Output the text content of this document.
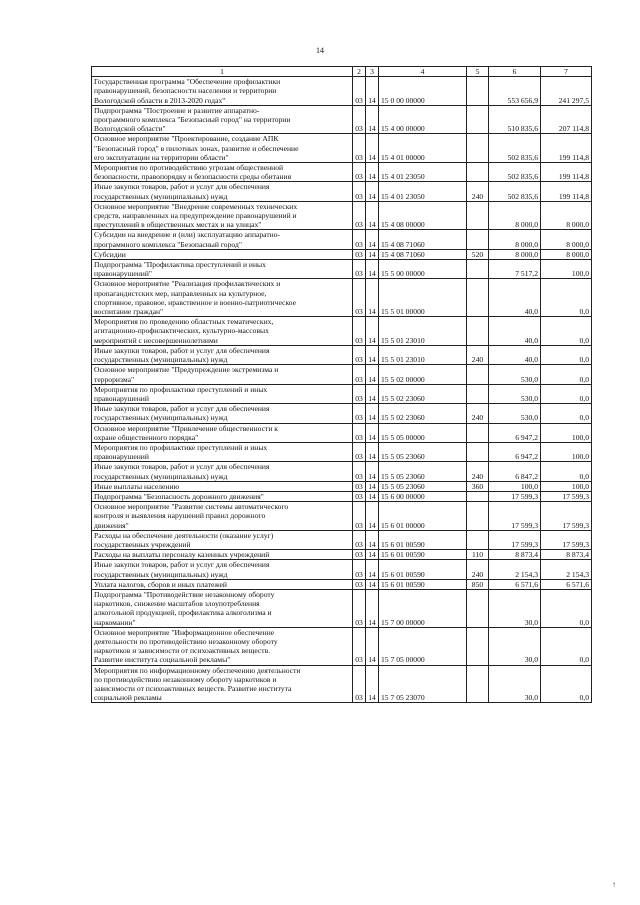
14
1	2	3	4	5	6	7

Государственная программа "Обеспечение профилактики
правонарушений, безопасности населения и территории
Вологодской области в 2013-2020 годах"	03	14	15 0 00 00000		553 656,9	241 297,5

Подпрограмма "Построение и развитие аппаратно-
программного комплекса "Безопасный город" на территории
Вологодской области"	03	14	15 4 00 00000		510 835,6	207 114,8

Основное мероприятие "Проектирование, создание АПК
"Безопасный город" в пилотных зонах, развитие и обеспечение
его эксплуатации на территории области"	03	14	15 4 01 00000		502 835,6	199 114,8

Мероприятия по противодействию угрозам общественной
безопасности, правопорядку и безопасности среды обитания	03	14	15 4 01 23050		502 835,6	199 114,8

Иные закупки товаров, работ и услуг для обеспечения
государственных (муниципальных) нужд	03	14	15 4 01 23050	240	502 835,6	199 114,8

Основное мероприятие "Внедрение современных технических
средств, направленных на предупреждение правонарушений и
преступлений в общественных местах и на улицах"	03	14	15 4 08 00000		8 000,0	8 000,0

Субсидии на внедрение и (или) эксплуатацию аппаратно-
программного комплекса "Безопасный город"	03	14	15 4 08 71060		8 000,0	8 000,0

Субсидии	03	14	15 4 08 71060	520	8 000,0	8 000,0

Подпрограмма "Профилактика преступлений и иных
правонарушений"	03	14	15 5 00 00000		7 517,2	100,0

Основное мероприятие "Реализация профилактических и
пропагандистских мер, направленных на культурное,
спортивное, правовое, нравственное и военно-патриотическое
воспитание граждан"	03	14	15 5 01 00000		40,0	0,0

Мероприятия по проведению областных тематических,
агитационно-профилактических, культурно-массовых
мероприятий с несовершеннолетними	03	14	15 5 01 23010		40,0	0,0

Иные закупки товаров, работ и услуг для обеспечения
государственных (муниципальных) нужд	03	14	15 5 01 23010	240	40,0	0,0

Основное мероприятие "Предупреждение экстремизма и
терроризма"	03	14	15 5 02 00000		530,0	0,0

Мероприятия по профилактике преступлений и иных
правонарушений	03	14	15 5 02 23060		530,0	0,0

Иные закупки товаров, работ и услуг для обеспечения
государственных (муниципальных) нужд	03	14	15 5 02 23060	240	530,0	0,0

Основное мероприятие "Привлечение общественности к
охране общественного порядка"	03	14	15 5 05 00000		6 947,2	100,0

Мероприятия по профилактике преступлений и иных
правонарушений	03	14	15 5 05 23060		6 947,2	100,0

Иные закупки товаров, работ и услуг для обеспечения
государственных (муниципальных) нужд	03	14	15 5 05 23060	240	6 847,2	0,0

Иные выплаты населению	03	14	15 5 05 23060	360	100,0	100,0

Подпрограмма "Безопасность дорожного движения"	03	14	15 6 00 00000		17 599,3	17 599,3

Основное мероприятие "Развитие системы автоматического
контроля и выявления нарушений правил дорожного
движения"	03	14	15 6 01 00000		17 599,3	17 599,3

Расходы на обеспечение деятельности (оказание услуг)
государственных учреждений	03	14	15 6 01 00590		17 599,3	17 599,3

Расходы на выплаты персоналу казенных учреждений	03	14	15 6 01 00590	110	8 873,4	8 873,4

Иные закупки товаров, работ и услуг для обеспечения
государственных (муниципальных) нужд	03	14	15 6 01 00590	240	2 154,3	2 154,3

Уплата налогов, сборов и иных платежей	03	14	15 6 01 00590	850	6 571,6	6 571,6

Подпрограмма "Противодействие незаконному обороту
наркотиков, снижение масштабов злоупотребления
алкогольной продукцией, профилактика алкоголизма и
наркомании"	03	14	15 7 00 00000		30,0	0,0

Основное мероприятие "Информационное обеспечение
деятельности по противодействию незаконному обороту
наркотиков и зависимости от психоактивных веществ.
Развитие института социальной рекламы"	03	14	15 7 05 00000		30,0	0,0

Мероприятия по информационному обеспечению деятельности
по противодействию незаконному обороту наркотиков и
зависимости от психоактивных веществ. Развитие института
социальной рекламы	03	14	15 7 05 23070		30,0	0,0
↑
